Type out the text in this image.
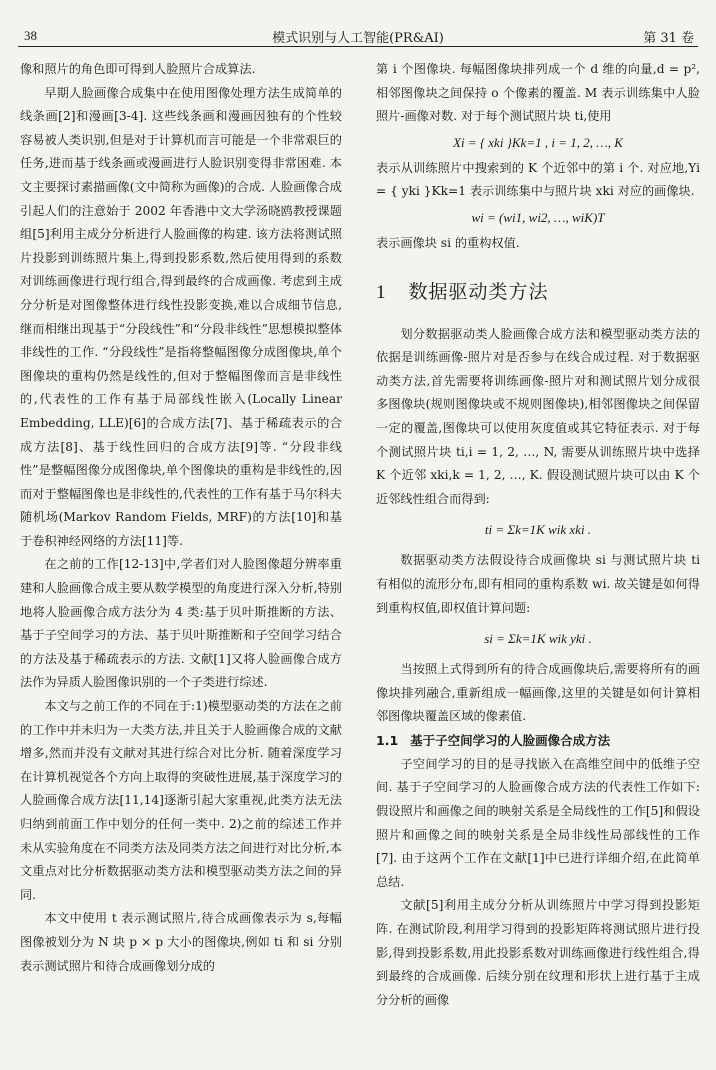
38	模式识别与人工智能(PR&AI)	第 31 卷

像和照片的角色即可得到人脸照片合成算法.

早期人脸画像合成集中在使用图像处理方法生成简单的线条画[2]和漫画[3-4]. 这些线条画和漫画因独有的个性较容易被人类识别,但是对于计算机而言可能是一个非常艰巨的任务,进而基于线条画或漫画进行人脸识别变得非常困难. 本文主要探讨素描画像(文中简称为画像)的合成. 人脸画像合成引起人们的注意始于 2002 年香港中文大学汤晓鸥教授课题组[5]利用主成分分析进行人脸画像的构建. 该方法将测试照片投影到训练照片集上,得到投影系数,然后使用得到的系数对训练画像进行现行组合,得到最终的合成画像. 考虑到主成分分析是对图像整体进行线性投影变换,难以合成细节信息,继而相继出现基于“分段线性”和“分段非线性”思想模拟整体非线性的工作. “分段线性”是指将整幅图像分成图像块,单个图像块的重构仍然是线性的,但对于整幅图像而言是非线性的,代表性的工作有基于局部线性嵌入(Locally Linear Embedding, LLE)[6]的合成方法[7]、基于稀疏表示的合成方法[8]、基于线性回归的合成方法[9]等. “分段非线性”是整幅图像分成图像块,单个图像块的重构是非线性的,因而对于整幅图像也是非线性的,代表性的工作有基于马尔科夫随机场(Markov Random Fields, MRF)的方法[10]和基于卷积神经网络的方法[11]等.

在之前的工作[12-13]中,学者们对人脸图像超分辨率重建和人脸画像合成主要从数学模型的角度进行深入分析,特别地将人脸画像合成方法分为 4 类:基于贝叶斯推断的方法、基于子空间学习的方法、基于贝叶斯推断和子空间学习结合的方法及基于稀疏表示的方法. 文献[1]又将人脸画像合成方法作为异质人脸图像识别的一个子类进行综述.

本文与之前工作的不同在于:1)模型驱动类的方法在之前的工作中并未归为一大类方法,并且关于人脸画像合成的文献增多,然而并没有文献对其进行综合对比分析. 随着深度学习在计算机视觉各个方向上取得的突破性进展,基于深度学习的人脸画像合成方法[11,14]逐渐引起大家重视,此类方法无法归纳到前面工作中划分的任何一类中. 2)之前的综述工作并未从实验角度在不同类方法及同类方法之间进行对比分析,本文重点对比分析数据驱动类方法和模型驱动类方法之间的异同.

本文中使用 t 表示测试照片,待合成画像表示为 s,每幅图像被划分为 N 块 p × p 大小的图像块,例如 ti 和 si 分别表示测试照片和待合成画像划分成的

第 i 个图像块. 每幅图像块排列成一个 d 维的向量,d = p², 相邻图像块之间保持 o 个像素的覆盖. M 表示训练集中人脸照片-画像对数. 对于每个测试照片块 ti,使用

Xi = { xki }Kk=1 , i = 1, 2, …, K

表示从训练照片中搜索到的 K 个近邻中的第 i 个. 对应地,Yi = { yki }Kk=1 表示训练集中与照片块 xki 对应的画像块.

wi = (wi1, wi2, …, wiK)T

表示画像块 si 的重构权值.

1 数据驱动类方法

划分数据驱动类人脸画像合成方法和模型驱动类方法的依据是训练画像-照片对是否参与在线合成过程. 对于数据驱动类方法,首先需要将训练画像-照片对和测试照片划分成很多图像块(规则图像块或不规则图像块),相邻图像块之间保留一定的覆盖,图像块可以使用灰度值或其它特征表示. 对于每个测试照片块 ti,i = 1, 2, …, N, 需要从训练照片块中选择 K 个近邻 xki,k = 1, 2, …, K. 假设测试照片块可以由 K 个近邻线性组合而得到:

ti = Σk=1K wik xki .

数据驱动类方法假设待合成画像块 si 与测试照片块 ti 有相似的流形分布,即有相同的重构系数 wi. 故关键是如何得到重构权值,即权值计算问题:

si = Σk=1K wik yki .

当按照上式得到所有的待合成画像块后,需要将所有的画像块排列融合,重新组成一幅画像,这里的关键是如何计算相邻图像块覆盖区域的像素值.

1.1 基于子空间学习的人脸画像合成方法

子空间学习的目的是寻找嵌入在高维空间中的低维子空间. 基于子空间学习的人脸画像合成方法的代表性工作如下:假设照片和画像之间的映射关系是全局线性的工作[5]和假设照片和画像之间的映射关系是全局非线性局部线性的工作[7]. 由于这两个工作在文献[1]中已进行详细介绍,在此简单总结.

文献[5]利用主成分分析从训练照片中学习得到投影矩阵. 在测试阶段,利用学习得到的投影矩阵将测试照片进行投影,得到投影系数,用此投影系数对训练画像进行线性组合,得到最终的合成画像. 后续分别在纹理和形状上进行基于主成分分析的画像
